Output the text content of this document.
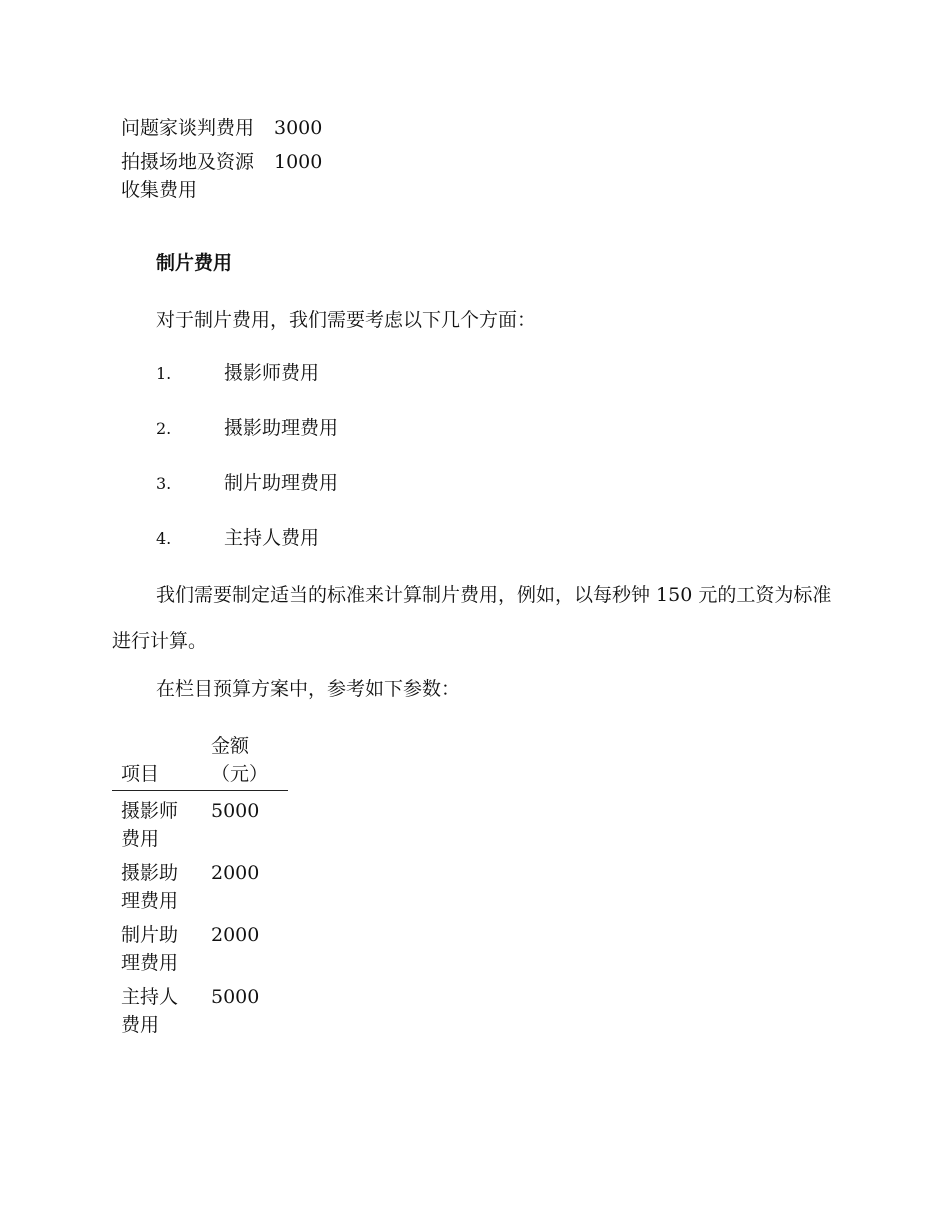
问题家谈判费用	3000

拍摄场地及资源收集费用	1000
制片费用

对于制片费用，我们需要考虑以下几个方面：

1.	摄影师费用
2.	摄影助理费用
3.	制片助理费用
4.	主持人费用

我们需要制定适当的标准来计算制片费用，例如，以每秒钟 150 元的工资为标准进行计算。

在栏目预算方案中，参考如下参数：

项目	金额（元）

摄影师费用	5000

摄影助理费用	2000

制片助理费用	2000

主持人费用	5000
